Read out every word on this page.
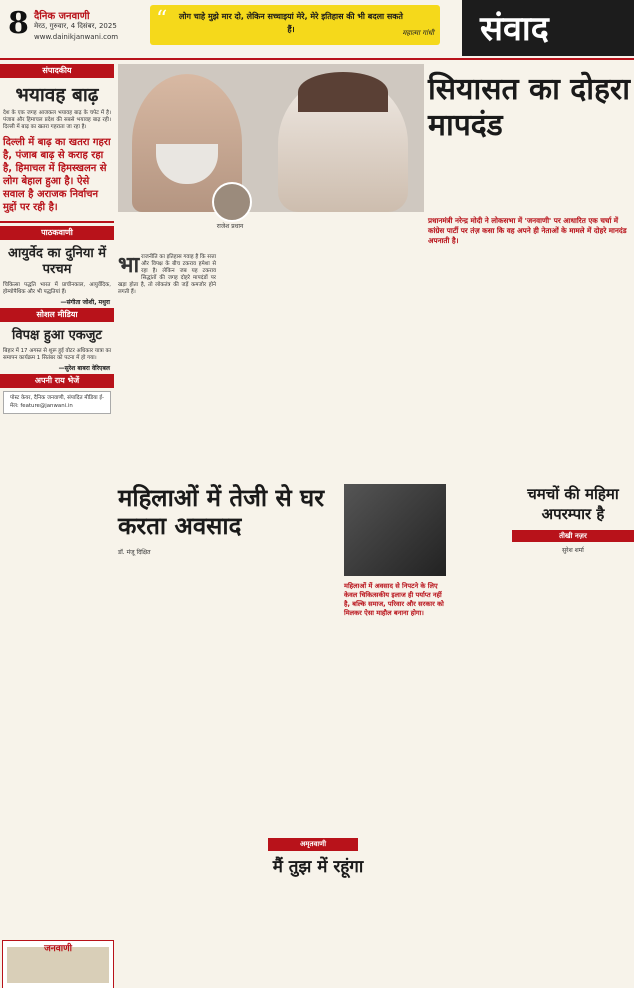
8 दैनिक जनवाणी
मेरठ, गुरुवार, 4 दिसंबर, 2025
www.dainikjanwani.com
“	लोग चाहे मुझे मार दो, लेकिन सच्चाइयां मेरे, मेरे इतिहास की भी बदला सकते हैं।	महात्मा गांधी संवाद
संपादकीय
भयावह बाढ़
देश के एक जगह आजकल भयावह बाढ़ के चपेट में है। पंजाब और हिमाचल प्रदेश की सबसे भयावह बाढ़ रही। दिल्ली में बाढ़ का खतरा गहराता जा रहा है।
दिल्ली में बाढ़ का खतरा गहरा है, पंजाब बाढ़ से कराह रहा है, हिमाचल में हिमस्खलन से लोग बेहाल हुआ है। ऐसे सवाल है अराजक निर्वाचन मुद्दों पर रही है।
पाठकवाणी
आयुर्वेद का दुनिया में परचम
चिकित्सा पद्धति भारत में प्राचीनकाल, आयुर्वेदिक, होम्योपैथिक और भी पद्धतियां हैं।
—संगीता जोशी, मथुरा
सोशल मीडिया
विपक्ष हुआ एकजुट
बिहार में 17 अगस्त से शुरू हुई वोटर अधिकार यात्रा का समापन कार्यक्रम 1 सितंबर को पटना में हो गया।
—सुरेश बाबरा वेरिएबल
अपनी राय भेजें
पोस्ट केयर, दैनिक जनवाणी, संपादित मीडिया ई-मेल: feature@janwani.in
जनवाणी
राजेश प्रधान
भाराजनीति का इतिहास गवाह है कि सत्ता और विपक्ष के बीच टकराव हमेशा से रहा है। लेकिन जब यह टकराव सिद्धांतों की जगह दोहरे मापदंडों पर खड़ा होता है, तो लोकतंत्र की जड़ें कमजोर होने लगती हैं।
सियासत का दोहरा मापदंड
प्रधानमंत्री नरेन्द्र मोदी ने लोकसभा में 'जनवाणी' पर आधारित एक चर्चा में कांग्रेस पार्टी पर तंज़ कसा कि वह अपने ही नेताओं के मामले में दोहरे मानदंड अपनाती है।
महिलाओं में तेजी से घर करता अवसाद
महिलाओं में अवसाद से निपटने के लिए केवल चिकित्सकीय इलाज ही पर्याप्त नहीं है, बल्कि समाज, परिवार और सरकार को मिलकर ऐसा माहौल बनाना होगा।
डॉ. मंजू दिक्षित
चमचों की महिमा अपरम्पार है
तीखी नज़र
सुरेश शर्मा
अमृतवाणी
मैं तुझ में रहूंगा
